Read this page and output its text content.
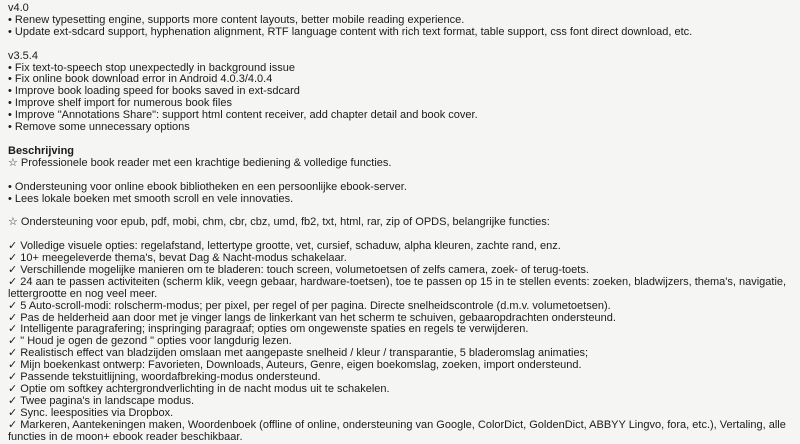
v4.0
• Renew typesetting engine, supports more content layouts, better mobile reading experience.
• Update ext-sdcard support, hyphenation alignment, RTF language content with rich text format, table support, css font direct download, etc.

v3.5.4
• Fix text-to-speech stop unexpectedly in background issue
• Fix online book download error in Android 4.0.3/4.0.4
• Improve book loading speed for books saved in ext-sdcard
• Improve shelf import for numerous book files
• Improve "Annotations Share": support html content receiver, add chapter detail and book cover.
• Remove some unnecessary options

Beschrijving
☆ Professionele book reader met een krachtige bediening & volledige functies.

• Ondersteuning voor online ebook bibliotheken en een persoonlijke ebook-server.
• Lees lokale boeken met smooth scroll en vele innovaties.

☆ Ondersteuning voor epub, pdf, mobi, chm, cbr, cbz, umd, fb2, txt, html, rar, zip of OPDS, belangrijke functies:

✓ Volledige visuele opties: regelafstand, lettertype grootte, vet, cursief, schaduw, alpha kleuren, zachte rand, enz.
✓ 10+ meegeleverde thema's, bevat Dag & Nacht-modus schakelaar.
✓ Verschillende mogelijke manieren om te bladeren: touch screen, volumetoetsen of zelfs camera, zoek- of terug-toets.
✓ 24 aan te passen activiteiten (scherm klik, veegn gebaar, hardware-toetsen), toe te passen op 15 in te stellen events: zoeken, bladwijzers, thema's, navigatie, lettergrootte en nog veel meer.
✓ 5 Auto-scroll-modi: rolscherm-modus; per pixel, per regel of per pagina. Directe snelheidscontrole (d.m.v. volumetoetsen).
✓ Pas de helderheid aan door met je vinger langs de linkerkant van het scherm te schuiven, gebaaropdrachten ondersteund.
✓ Intelligente paragrafering; inspringing paragraaf; opties om ongewenste spaties en regels te verwijderen.
✓ " Houd je ogen de gezond " opties voor langdurig lezen.
✓ Realistisch effect van bladzijden omslaan met aangepaste snelheid / kleur / transparantie, 5 bladeromslag animaties;
✓ Mijn boekenkast ontwerp: Favorieten, Downloads, Auteurs, Genre, eigen boekomslag, zoeken, import ondersteund.
✓ Passende tekstuitlijning, woordafbreking-modus ondersteund.
✓ Optie om softkey achtergrondverlichting in de nacht modus uit te schakelen.
✓ Twee pagina's in landscape modus.
✓ Sync. leesposities via Dropbox.
✓ Markeren, Aantekeningen maken, Woordenboek (offline of online, ondersteuning van Google, ColorDict, GoldenDict, ABBYY Lingvo, fora, etc.), Vertaling, alle functies in de moon+ ebook reader beschikbaar.
